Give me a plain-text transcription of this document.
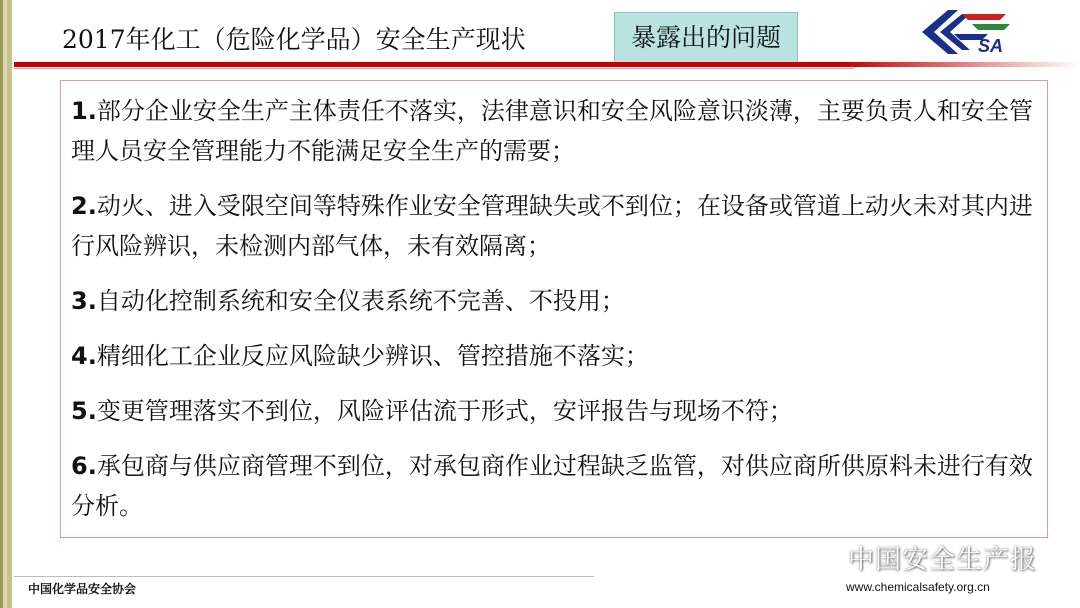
2017年化工（危险化学品）安全生产现状	暴露出的问题	SA
1.部分企业安全生产主体责任不落实，法律意识和安全风险意识淡薄，主要负责人和安全管理人员安全管理能力不能满足安全生产的需要；
2.动火、进入受限空间等特殊作业安全管理缺失或不到位；在设备或管道上动火未对其内进行风险辨识，未检测内部气体，未有效隔离；
3.自动化控制系统和安全仪表系统不完善、不投用；
4.精细化工企业反应风险缺少辨识、管控措施不落实；
5.变更管理落实不到位，风险评估流于形式，安评报告与现场不符；
6.承包商与供应商管理不到位，对承包商作业过程缺乏监管，对供应商所供原料未进行有效分析。
中国化学品安全协会
中国安全生产报
www.chemicalsafety.org.cn
